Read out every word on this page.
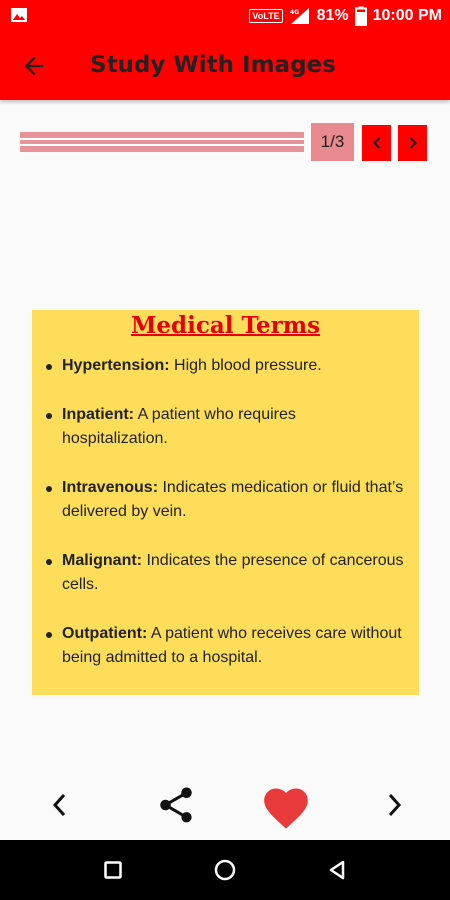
VoLTE	4G 81% 10:00 PM
Study With Images
1/3
Medical Terms
Hypertension: High blood pressure.
Inpatient: A patient who requires hospitalization.
Intravenous: Indicates medication or fluid that’s delivered by vein.
Malignant: Indicates the presence of cancerous cells.
Outpatient: A patient who receives care without being admitted to a hospital.
